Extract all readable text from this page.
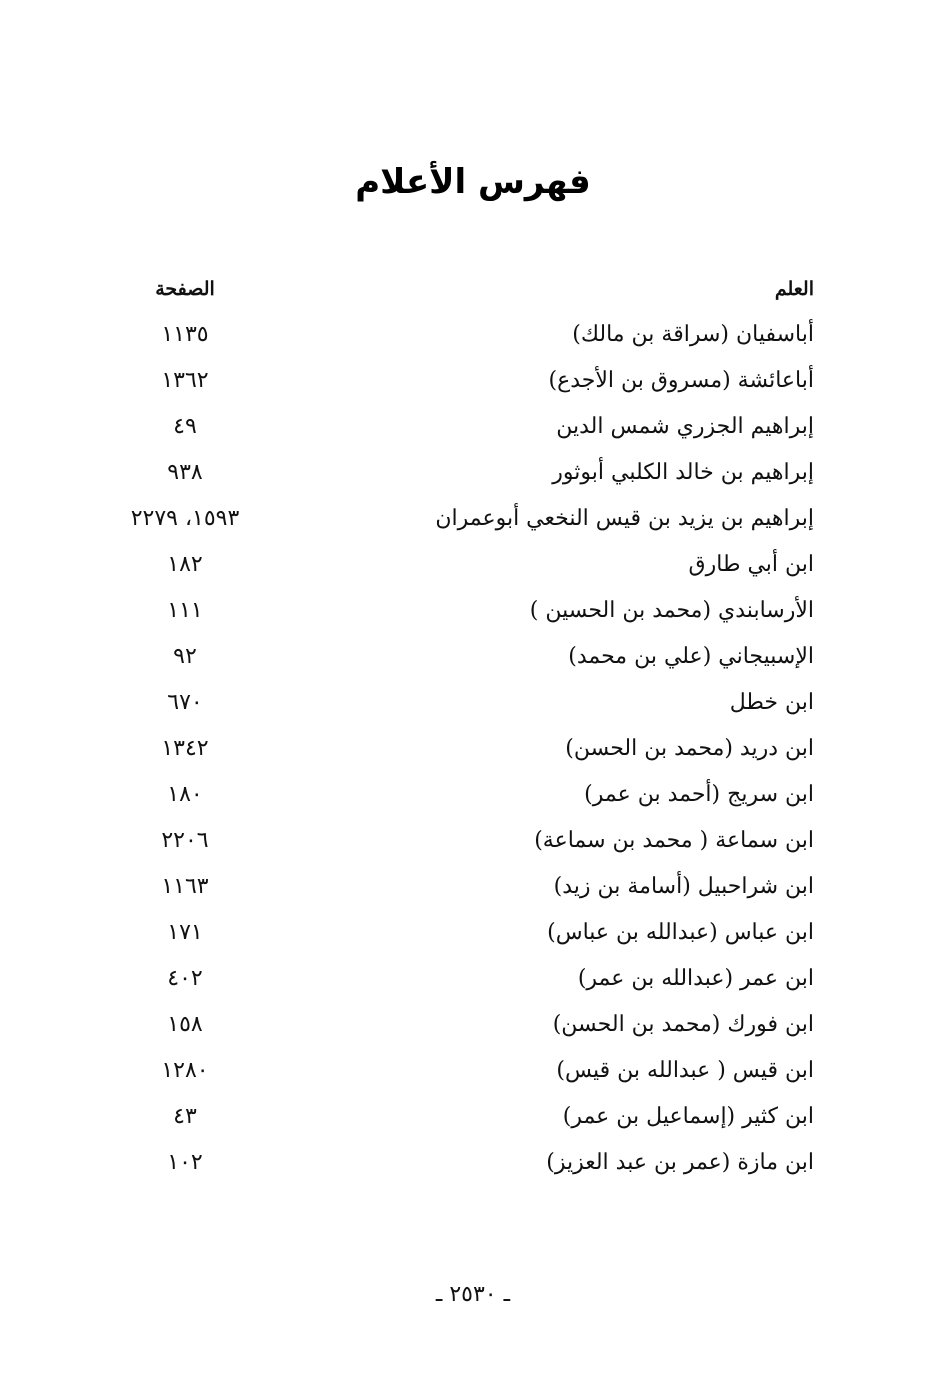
فهرس الأعلام
العلم
الصفحة
أباسفيان (سراقة بن مالك)
١١٣٥
أباعائشة (مسروق بن الأجدع)
١٣٦٢
إبراهيم الجزري شمس الدين
٤٩
إبراهيم بن خالد الكلبي أبوثور
٩٣٨
إبراهيم بن يزيد بن قيس النخعي أبوعمران
١٥٩٣، ٢٢٧٩
ابن أبي طارق
١٨٢
الأرسابندي (محمد بن الحسين )
١١١
الإسبيجاني (علي بن محمد)
٩٢
ابن خطل
٦٧٠
ابن دريد (محمد بن الحسن)
١٣٤٢
ابن سريج (أحمد بن عمر)
١٨٠
ابن سماعة ( محمد بن سماعة)
٢٢٠٦
ابن شراحبيل (أسامة بن زيد)
١١٦٣
ابن عباس (عبدالله بن عباس)
١٧١
ابن عمر (عبدالله بن عمر)
٤٠٢
ابن فورك (محمد بن الحسن)
١٥٨
ابن قيس ( عبدالله بن قيس)
١٢٨٠
ابن كثير (إسماعيل بن عمر)
٤٣
ابن مازة (عمر بن عبد العزيز)
١٠٢
ـ ٢٥٣٠ ـ
